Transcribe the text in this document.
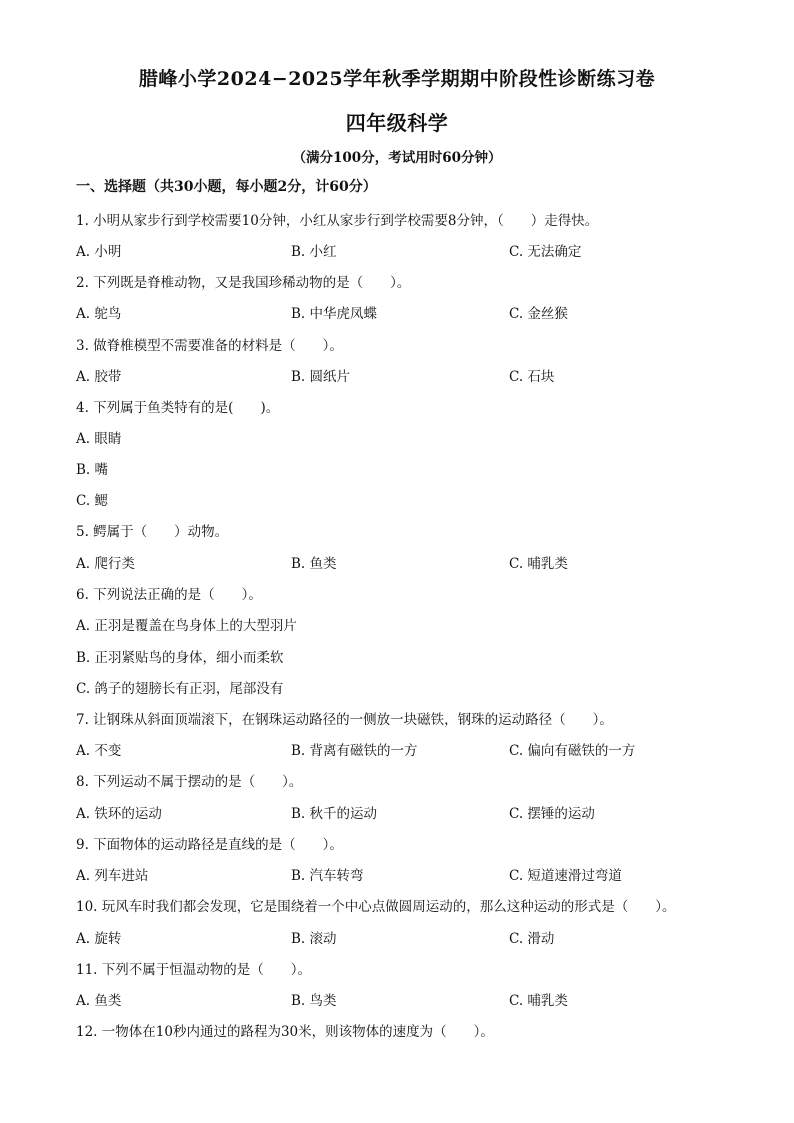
腊峰小学2024−2025学年秋季学期期中阶段性诊断练习卷
四年级科学
（满分100分，考试用时60分钟）
一、选择题（共30小题，每小题2分，计60分）
1. 小明从家步行到学校需要10分钟，小红从家步行到学校需要8分钟，（　　）走得快。
A. 小明	B. 小红	C. 无法确定
2. 下列既是脊椎动物，又是我国珍稀动物的是（　　）。
A. 鸵鸟	B. 中华虎凤蝶	C. 金丝猴
3. 做脊椎模型不需要准备的材料是（　　）。
A. 胶带	B. 圆纸片	C. 石块
4. 下列属于鱼类特有的是(　　)。
A. 眼睛
B. 嘴
C. 鳃
5. 鳄属于（　　）动物。
A. 爬行类	B. 鱼类	C. 哺乳类
6. 下列说法正确的是（　　）。
A. 正羽是覆盖在鸟身体上的大型羽片
B. 正羽紧贴鸟的身体，细小而柔软
C. 鸽子的翅膀长有正羽，尾部没有
7. 让钢珠从斜面顶端滚下，在钢珠运动路径的一侧放一块磁铁，钢珠的运动路径（　　）。
A. 不变	B. 背离有磁铁的一方	C. 偏向有磁铁的一方
8. 下列运动不属于摆动的是（　　）。
A. 铁环的运动	B. 秋千的运动	C. 摆锤的运动
9. 下面物体的运动路径是直线的是（　　）。
A. 列车进站	B. 汽车转弯	C. 短道速滑过弯道
10. 玩风车时我们都会发现，它是围绕着一个中心点做圆周运动的，那么这种运动的形式是（　　）。
A. 旋转	B. 滚动	C. 滑动
11. 下列不属于恒温动物的是（　　）。
A. 鱼类	B. 鸟类	C. 哺乳类
12. 一物体在10秒内通过的路程为30米，则该物体的速度为（　　）。
